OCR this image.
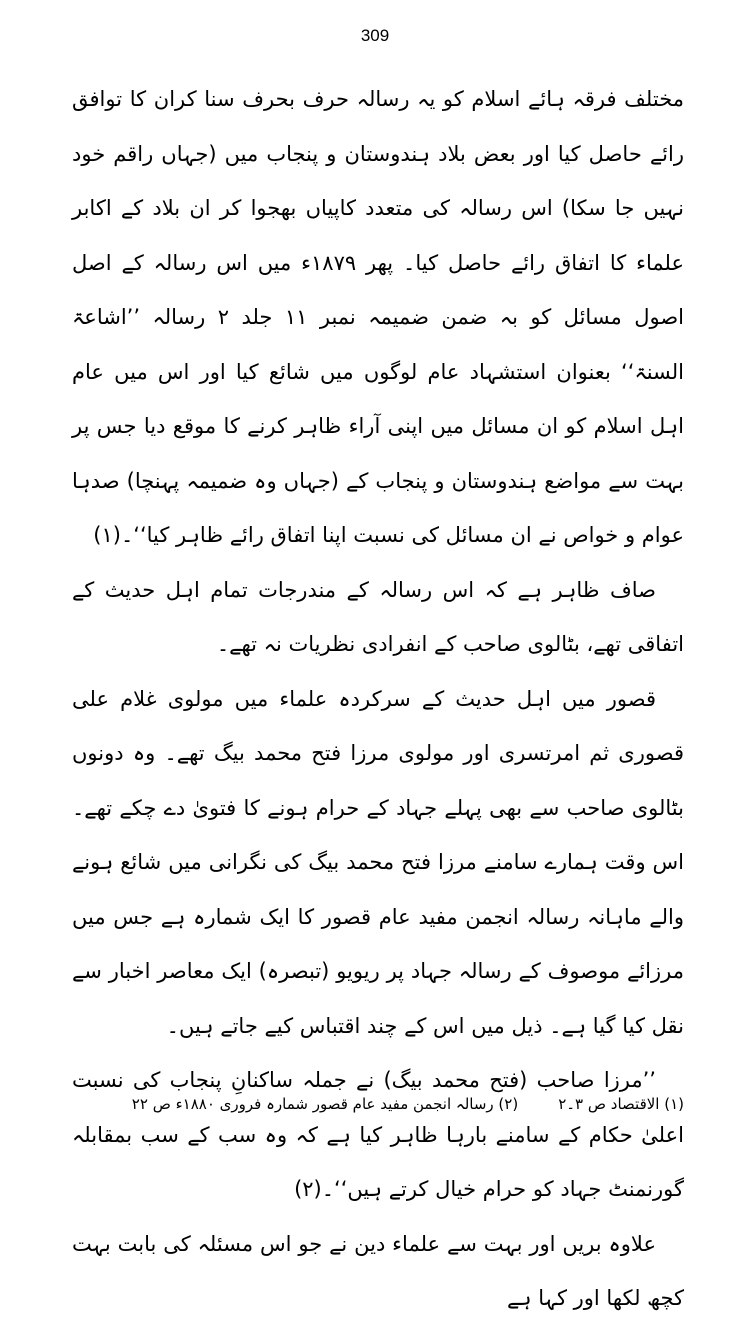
309

مختلف فرقہ ہائے اسلام کو یہ رسالہ حرف بحرف سنا کران کا توافق رائے حاصل کیا اور بعض بلاد ہندوستان و پنجاب میں (جہاں راقم خود نہیں جا سکا) اس رسالہ کی متعدد کاپیاں بھجوا کر ان بلاد کے اکابر علماء کا اتفاق رائے حاصل کیا۔ پھر ۱۸۷۹ء میں اس رسالہ کے اصل اصول مسائل کو بہ ضمن ضمیمہ نمبر ۱۱ جلد ۲ رسالہ ’’اشاعۃ السنۃ‘‘ بعنوان استشہاد عام لوگوں میں شائع کیا اور اس میں عام اہل اسلام کو ان مسائل میں اپنی آراء ظاہر کرنے کا موقع دیا جس پر بہت سے مواضع ہندوستان و پنجاب کے (جہاں وہ ضمیمہ پہنچا) صدہا عوام و خواص نے ان مسائل کی نسبت اپنا اتفاق رائے ظاہر کیا‘‘۔(۱)

صاف ظاہر ہے کہ اس رسالہ کے مندرجات تمام اہل حدیث کے اتفاقی تھے، بٹالوی صاحب کے انفرادی نظریات نہ تھے۔

قصور میں اہل حدیث کے سرکردہ علماء میں مولوی غلام علی قصوری ثم امرتسری اور مولوی مرزا فتح محمد بیگ تھے۔ وہ دونوں بٹالوی صاحب سے بھی پہلے جہاد کے حرام ہونے کا فتویٰ دے چکے تھے۔ اس وقت ہمارے سامنے مرزا فتح محمد بیگ کی نگرانی میں شائع ہونے والے ماہانہ رسالہ انجمن مفید عام قصور کا ایک شمارہ ہے جس میں مرزائے موصوف کے رسالہ جہاد پر ریویو (تبصرہ) ایک معاصر اخبار سے نقل کیا گیا ہے۔ ذیل میں اس کے چند اقتباس کیے جاتے ہیں۔

’’مرزا صاحب (فتح محمد بیگ) نے جملہ ساکنانِ پنجاب کی نسبت اعلیٰ حکام کے سامنے بارہا ظاہر کیا ہے کہ وہ سب کے سب بمقابلہ گورنمنٹ جہاد کو حرام خیال کرتے ہیں‘‘۔(۲)

علاوہ بریں اور بہت سے علماء دین نے جو اس مسئلہ کی بابت بہت کچھ لکھا اور کہا ہے

(۱) الاقتصاد ص ۳۔۲(۲) رسالہ انجمن مفید عام قصور شمارہ فروری ۱۸۸۰ء ص ۲۲
